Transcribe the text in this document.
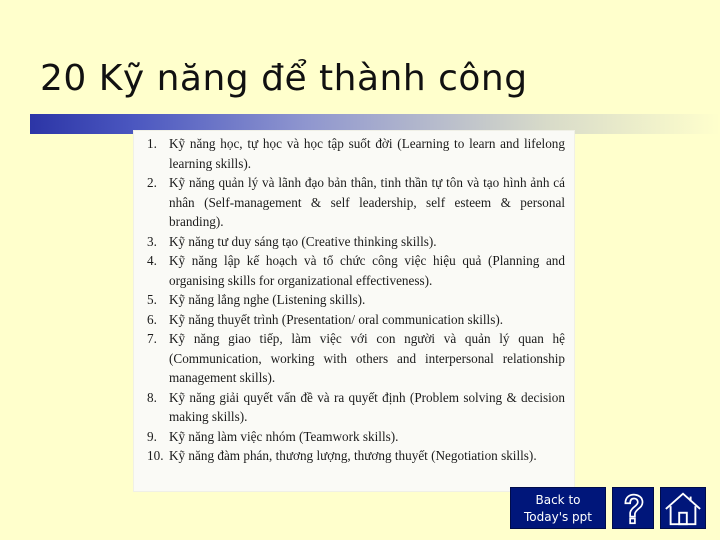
20 Kỹ năng để thành công
1. Kỹ năng học, tự học và học tập suốt đời (Learning to learn and lifelong learning skills).
2. Kỹ năng quản lý và lãnh đạo bản thân, tinh thần tự tôn và tạo hình ảnh cá nhân (Self-management & self leadership, self esteem & personal branding).
3. Kỹ năng tư duy sáng tạo (Creative thinking skills).
4. Kỹ năng lập kế hoạch và tổ chức công việc hiệu quả (Planning and organising skills for organizational effectiveness).
5. Kỹ năng lắng nghe (Listening skills).
6. Kỹ năng thuyết trình (Presentation/ oral communication skills).
7. Kỹ năng giao tiếp, làm việc với con người và quản lý quan hệ (Communication, working with others and interpersonal relationship management skills).
8. Kỹ năng giải quyết vấn đề và ra quyết định (Problem solving & decision making skills).
9. Kỹ năng làm việc nhóm (Teamwork skills).
10. Kỹ năng đàm phán, thương lượng, thương thuyết (Negotiation skills).
Back to
Today's ppt
